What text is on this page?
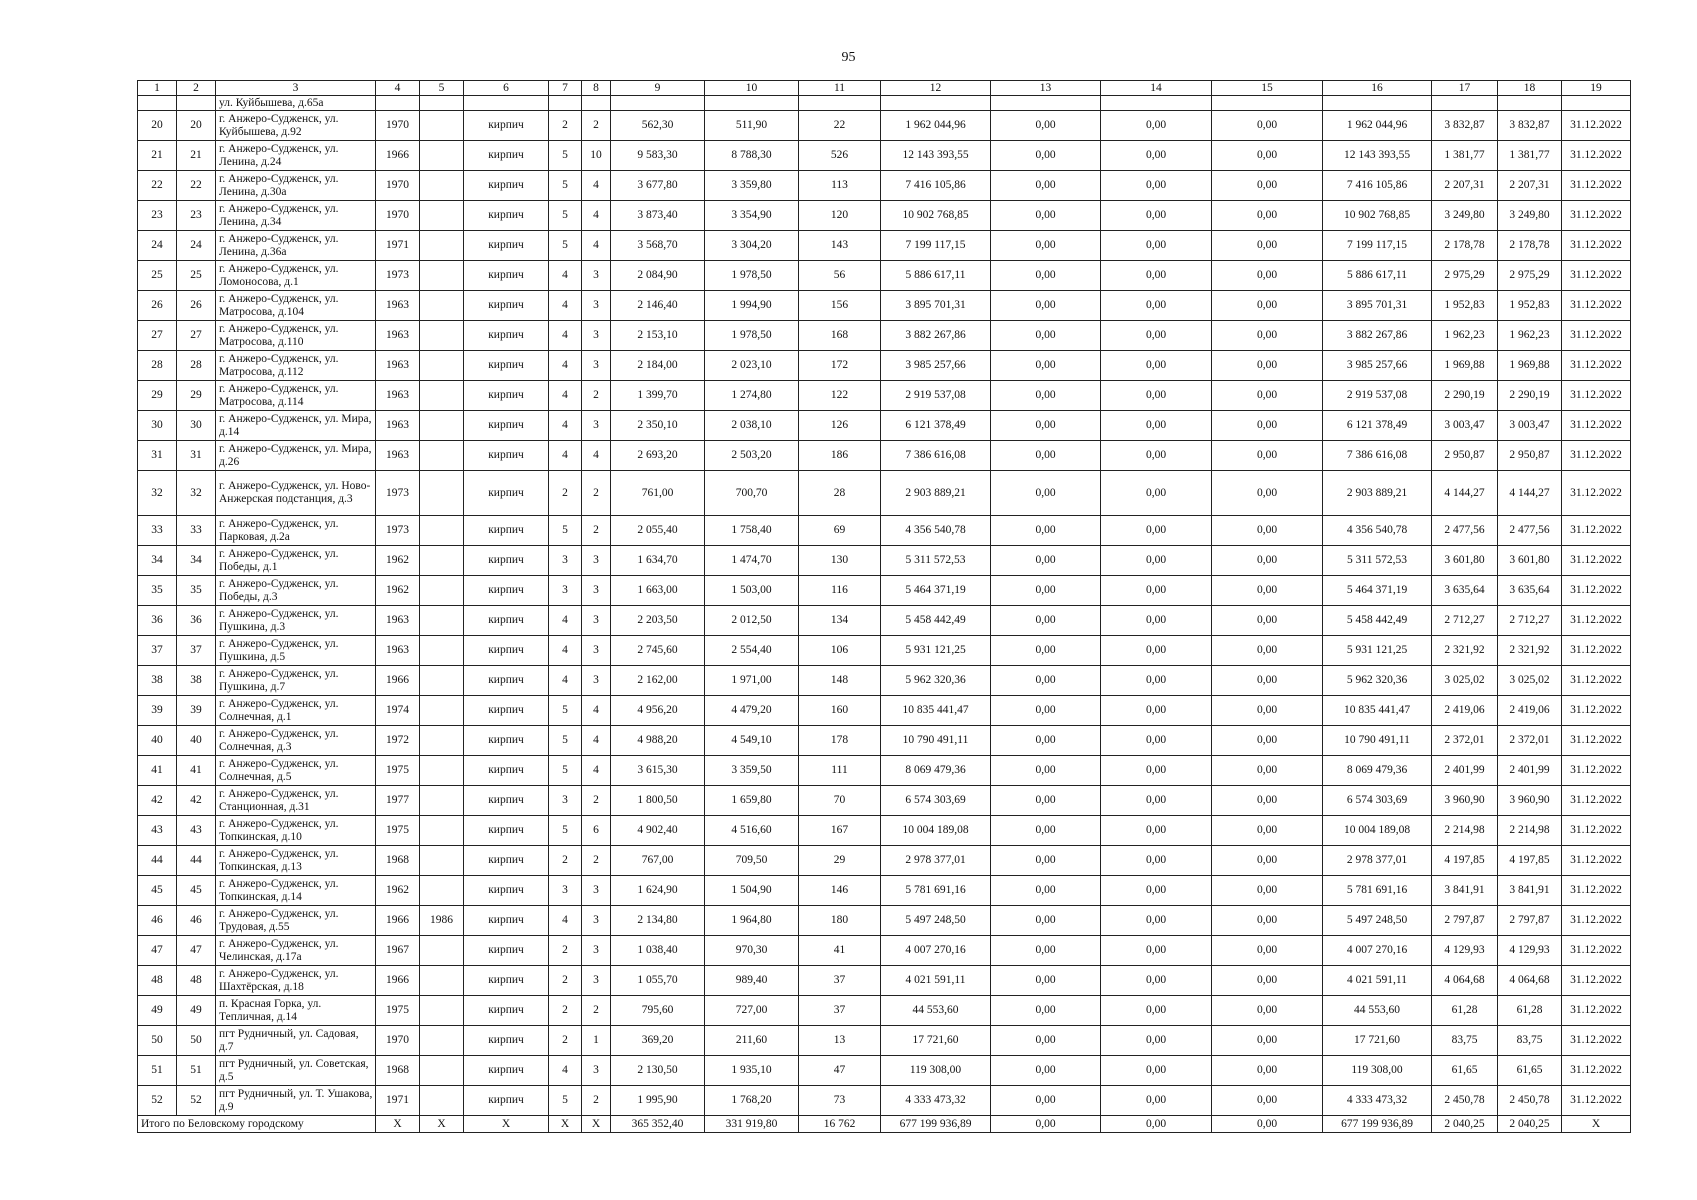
95
1	2	3	4	5	6	7	8	9	10	11	12	13	14	15	16	17	18	19
		ул. Куйбышева, д.65а																
20	20	г. Анжеро-Судженск, ул. Куйбышева, д.92	1970		кирпич	2	2	562,30	511,90	22	1 962 044,96	0,00	0,00	0,00	1 962 044,96	3 832,87	3 832,87	31.12.2022
21	21	г. Анжеро-Судженск, ул. Ленина, д.24	1966		кирпич	5	10	9 583,30	8 788,30	526	12 143 393,55	0,00	0,00	0,00	12 143 393,55	1 381,77	1 381,77	31.12.2022
22	22	г. Анжеро-Судженск, ул. Ленина, д.30а	1970		кирпич	5	4	3 677,80	3 359,80	113	7 416 105,86	0,00	0,00	0,00	7 416 105,86	2 207,31	2 207,31	31.12.2022
23	23	г. Анжеро-Судженск, ул. Ленина, д.34	1970		кирпич	5	4	3 873,40	3 354,90	120	10 902 768,85	0,00	0,00	0,00	10 902 768,85	3 249,80	3 249,80	31.12.2022
24	24	г. Анжеро-Судженск, ул. Ленина, д.36а	1971		кирпич	5	4	3 568,70	3 304,20	143	7 199 117,15	0,00	0,00	0,00	7 199 117,15	2 178,78	2 178,78	31.12.2022
25	25	г. Анжеро-Судженск, ул. Ломоносова, д.1	1973		кирпич	4	3	2 084,90	1 978,50	56	5 886 617,11	0,00	0,00	0,00	5 886 617,11	2 975,29	2 975,29	31.12.2022
26	26	г. Анжеро-Судженск, ул. Матросова, д.104	1963		кирпич	4	3	2 146,40	1 994,90	156	3 895 701,31	0,00	0,00	0,00	3 895 701,31	1 952,83	1 952,83	31.12.2022
27	27	г. Анжеро-Судженск, ул. Матросова, д.110	1963		кирпич	4	3	2 153,10	1 978,50	168	3 882 267,86	0,00	0,00	0,00	3 882 267,86	1 962,23	1 962,23	31.12.2022
28	28	г. Анжеро-Судженск, ул. Матросова, д.112	1963		кирпич	4	3	2 184,00	2 023,10	172	3 985 257,66	0,00	0,00	0,00	3 985 257,66	1 969,88	1 969,88	31.12.2022
29	29	г. Анжеро-Судженск, ул. Матросова, д.114	1963		кирпич	4	2	1 399,70	1 274,80	122	2 919 537,08	0,00	0,00	0,00	2 919 537,08	2 290,19	2 290,19	31.12.2022
30	30	г. Анжеро-Судженск, ул. Мира, д.14	1963		кирпич	4	3	2 350,10	2 038,10	126	6 121 378,49	0,00	0,00	0,00	6 121 378,49	3 003,47	3 003,47	31.12.2022
31	31	г. Анжеро-Судженск, ул. Мира, д.26	1963		кирпич	4	4	2 693,20	2 503,20	186	7 386 616,08	0,00	0,00	0,00	7 386 616,08	2 950,87	2 950,87	31.12.2022
32	32	г. Анжеро-Судженск, ул. Ново-Анжерская подстанция, д.3	1973		кирпич	2	2	761,00	700,70	28	2 903 889,21	0,00	0,00	0,00	2 903 889,21	4 144,27	4 144,27	31.12.2022
33	33	г. Анжеро-Судженск, ул. Парковая, д.2а	1973		кирпич	5	2	2 055,40	1 758,40	69	4 356 540,78	0,00	0,00	0,00	4 356 540,78	2 477,56	2 477,56	31.12.2022
34	34	г. Анжеро-Судженск, ул. Победы, д.1	1962		кирпич	3	3	1 634,70	1 474,70	130	5 311 572,53	0,00	0,00	0,00	5 311 572,53	3 601,80	3 601,80	31.12.2022
35	35	г. Анжеро-Судженск, ул. Победы, д.3	1962		кирпич	3	3	1 663,00	1 503,00	116	5 464 371,19	0,00	0,00	0,00	5 464 371,19	3 635,64	3 635,64	31.12.2022
36	36	г. Анжеро-Судженск, ул. Пушкина, д.3	1963		кирпич	4	3	2 203,50	2 012,50	134	5 458 442,49	0,00	0,00	0,00	5 458 442,49	2 712,27	2 712,27	31.12.2022
37	37	г. Анжеро-Судженск, ул. Пушкина, д.5	1963		кирпич	4	3	2 745,60	2 554,40	106	5 931 121,25	0,00	0,00	0,00	5 931 121,25	2 321,92	2 321,92	31.12.2022
38	38	г. Анжеро-Судженск, ул. Пушкина, д.7	1966		кирпич	4	3	2 162,00	1 971,00	148	5 962 320,36	0,00	0,00	0,00	5 962 320,36	3 025,02	3 025,02	31.12.2022
39	39	г. Анжеро-Судженск, ул. Солнечная, д.1	1974		кирпич	5	4	4 956,20	4 479,20	160	10 835 441,47	0,00	0,00	0,00	10 835 441,47	2 419,06	2 419,06	31.12.2022
40	40	г. Анжеро-Судженск, ул. Солнечная, д.3	1972		кирпич	5	4	4 988,20	4 549,10	178	10 790 491,11	0,00	0,00	0,00	10 790 491,11	2 372,01	2 372,01	31.12.2022
41	41	г. Анжеро-Судженск, ул. Солнечная, д.5	1975		кирпич	5	4	3 615,30	3 359,50	111	8 069 479,36	0,00	0,00	0,00	8 069 479,36	2 401,99	2 401,99	31.12.2022
42	42	г. Анжеро-Судженск, ул. Станционная, д.31	1977		кирпич	3	2	1 800,50	1 659,80	70	6 574 303,69	0,00	0,00	0,00	6 574 303,69	3 960,90	3 960,90	31.12.2022
43	43	г. Анжеро-Судженск, ул. Топкинская, д.10	1975		кирпич	5	6	4 902,40	4 516,60	167	10 004 189,08	0,00	0,00	0,00	10 004 189,08	2 214,98	2 214,98	31.12.2022
44	44	г. Анжеро-Судженск, ул. Топкинская, д.13	1968		кирпич	2	2	767,00	709,50	29	2 978 377,01	0,00	0,00	0,00	2 978 377,01	4 197,85	4 197,85	31.12.2022
45	45	г. Анжеро-Судженск, ул. Топкинская, д.14	1962		кирпич	3	3	1 624,90	1 504,90	146	5 781 691,16	0,00	0,00	0,00	5 781 691,16	3 841,91	3 841,91	31.12.2022
46	46	г. Анжеро-Судженск, ул. Трудовая, д.55	1966	1986	кирпич	4	3	2 134,80	1 964,80	180	5 497 248,50	0,00	0,00	0,00	5 497 248,50	2 797,87	2 797,87	31.12.2022
47	47	г. Анжеро-Судженск, ул. Челинская, д.17а	1967		кирпич	2	3	1 038,40	970,30	41	4 007 270,16	0,00	0,00	0,00	4 007 270,16	4 129,93	4 129,93	31.12.2022
48	48	г. Анжеро-Судженск, ул. Шахтёрская, д.18	1966		кирпич	2	3	1 055,70	989,40	37	4 021 591,11	0,00	0,00	0,00	4 021 591,11	4 064,68	4 064,68	31.12.2022
49	49	п. Красная Горка, ул. Тепличная, д.14	1975		кирпич	2	2	795,60	727,00	37	44 553,60	0,00	0,00	0,00	44 553,60	61,28	61,28	31.12.2022
50	50	пгт Рудничный, ул. Садовая, д.7	1970		кирпич	2	1	369,20	211,60	13	17 721,60	0,00	0,00	0,00	17 721,60	83,75	83,75	31.12.2022
51	51	пгт Рудничный, ул. Советская, д.5	1968		кирпич	4	3	2 130,50	1 935,10	47	119 308,00	0,00	0,00	0,00	119 308,00	61,65	61,65	31.12.2022
52	52	пгт Рудничный, ул. Т. Ушакова, д.9	1971		кирпич	5	2	1 995,90	1 768,20	73	4 333 473,32	0,00	0,00	0,00	4 333 473,32	2 450,78	2 450,78	31.12.2022
Итого по Беловскому городскому			Х	Х	Х	Х	Х	365 352,40	331 919,80	16 762	677 199 936,89	0,00	0,00	0,00	677 199 936,89	2 040,25	2 040,25	Х
